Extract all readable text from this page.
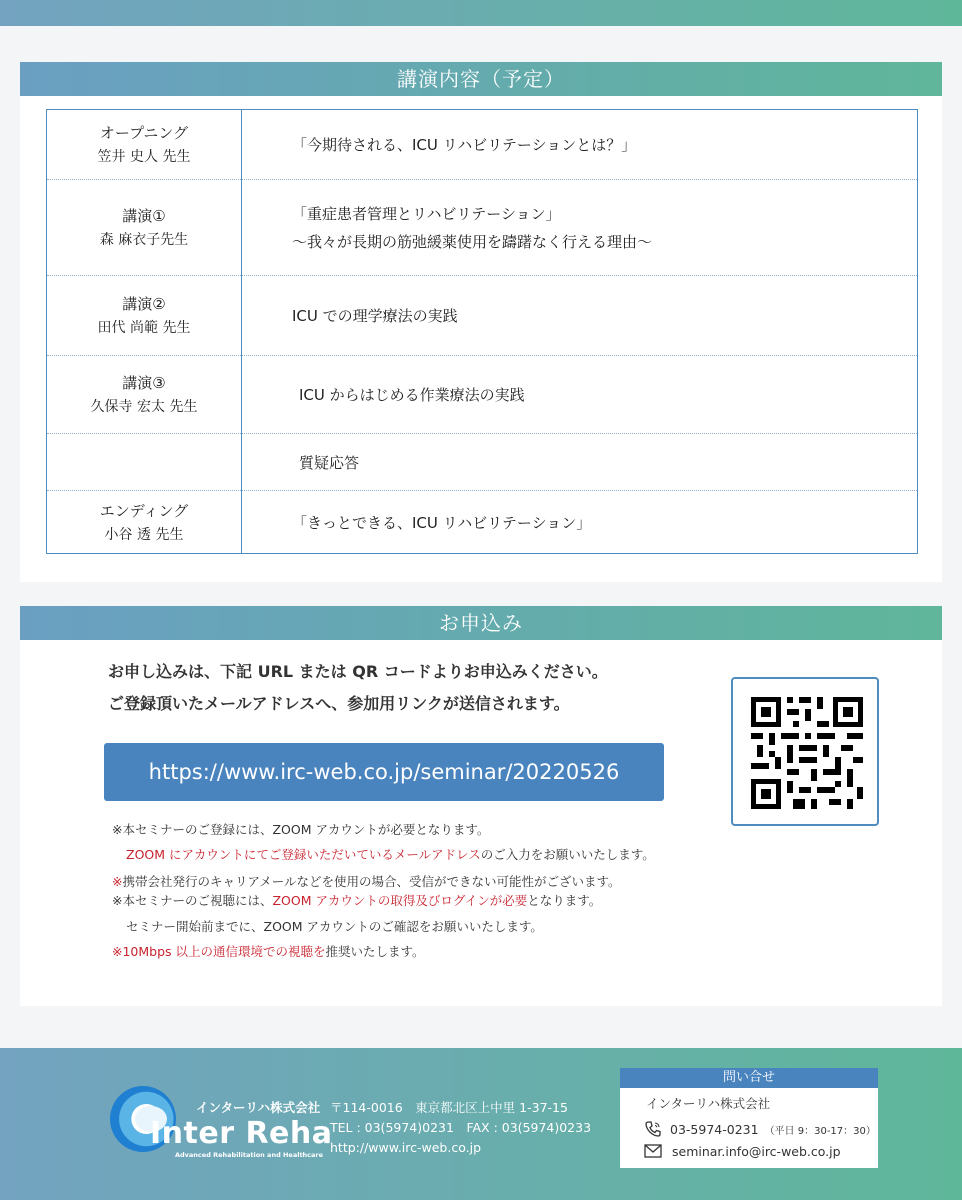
講演内容（予定）
オープニング
笠井 史人 先生
「今期待される、ICU リハビリテーションとは？」
講演①
森 麻衣子先生
「重症患者管理とリハビリテーション」
〜我々が長期の筋弛緩薬使用を躊躇なく行える理由〜
講演②
田代 尚範 先生
ICU での理学療法の実践
講演③
久保寺 宏太 先生
ICU からはじめる作業療法の実践
質疑応答
エンディング
小谷 透 先生
「きっとできる、ICU リハビリテーション」
お申込み
お申し込みは、下記 URL または QR コードよりお申込みください。
ご登録頂いたメールアドレスへ、参加用リンクが送信されます。
https://www.irc-web.co.jp/seminar/20220526
※本セミナーのご登録には、ZOOM アカウントが必要となります。
ZOOM にアカウントにてご登録いただいているメールアドレスのご入力をお願いいたします。
※携帯会社発行のキャリアメールなどを使用の場合、受信ができない可能性がございます。
※本セミナーのご視聴には、ZOOM アカウントの取得及びログインが必要となります。
セミナー開始前までに、ZOOM アカウントのご確認をお願いいたします。
※10Mbps 以上の通信環境での視聴を推奨いたします。
Inter Reha
インターリハ株式会社
Advanced Rehabilitation and Healthcare
〒114-0016　東京都北区上中里 1-37-15
TEL : 03(5974)0231　FAX : 03(5974)0233
http://www.irc-web.co.jp
問い合せ
インターリハ株式会社
03-5974-0231 （平日 9：30-17：30）
seminar.info@irc-web.co.jp
